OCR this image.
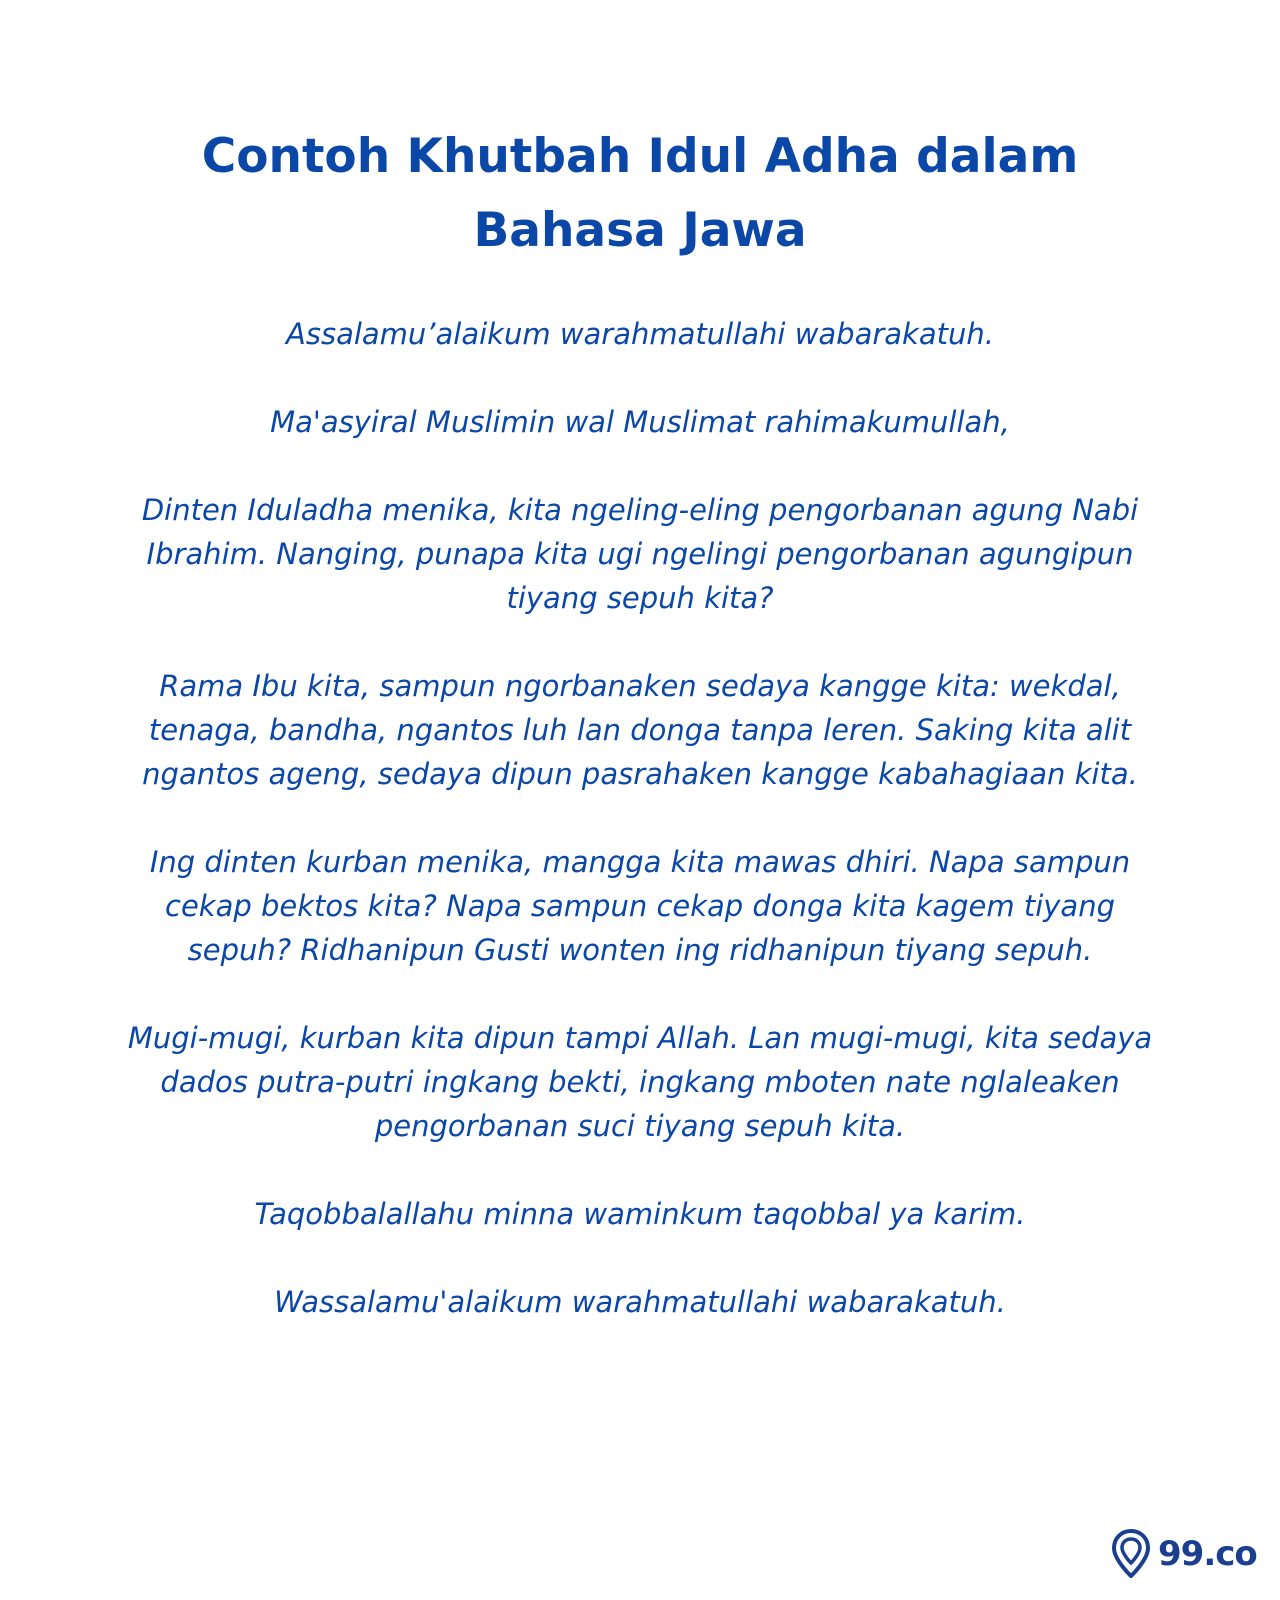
Contoh Khutbah Idul Adha dalam Bahasa Jawa

Assalamu’alaikum warahmatullahi wabarakatuh.

Ma'asyiral Muslimin wal Muslimat rahimakumullah,

Dinten Iduladha menika, kita ngeling-eling pengorbanan agung Nabi Ibrahim. Nanging, punapa kita ugi ngelingi pengorbanan agungipun tiyang sepuh kita?

Rama Ibu kita, sampun ngorbanaken sedaya kangge kita: wekdal, tenaga, bandha, ngantos luh lan donga tanpa leren. Saking kita alit ngantos ageng, sedaya dipun pasrahaken kangge kabahagiaan kita.

Ing dinten kurban menika, mangga kita mawas dhiri. Napa sampun cekap bektos kita? Napa sampun cekap donga kita kagem tiyang sepuh? Ridhanipun Gusti wonten ing ridhanipun tiyang sepuh.

Mugi-mugi, kurban kita dipun tampi Allah. Lan mugi-mugi, kita sedaya dados putra-putri ingkang bekti, ingkang mboten nate nglaleaken pengorbanan suci tiyang sepuh kita.

Taqobbalallahu minna waminkum taqobbal ya karim.

Wassalamu'alaikum warahmatullahi wabarakatuh.

99.co
